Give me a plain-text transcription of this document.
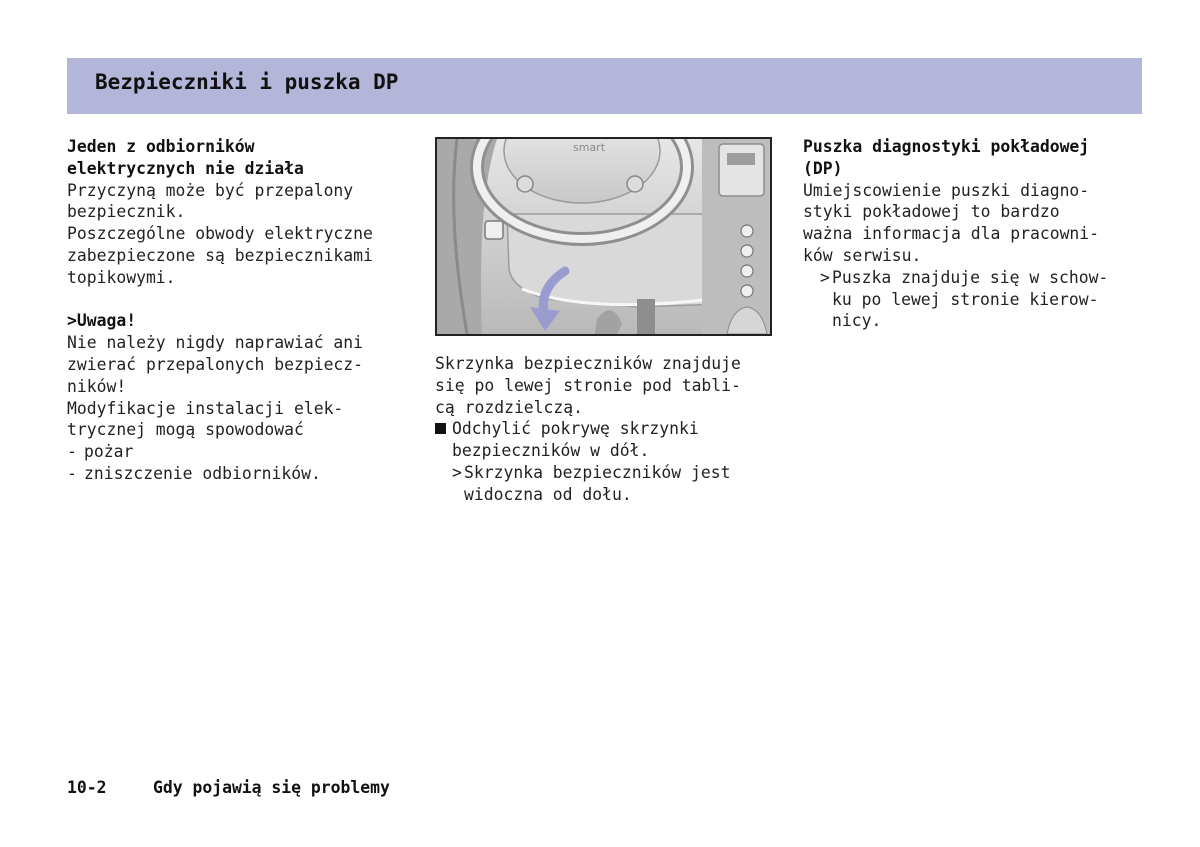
Bezpieczniki i puszka DP

Jeden z odbiorników

elektrycznych nie działa

Przyczyną może być przepalony

bezpiecznik.

Poszczególne obwody elektryczne

zabezpieczone są bezpiecznikami

topikowymi.

>Uwaga!

Nie należy nigdy naprawiać ani

zwierać przepalonych bezpiecz-

ników!

Modyfikacje instalacji elek-

trycznej mogą spowodować

- pożar
- zniszczenie odbiorników.
smart

Skrzynka bezpieczników znajduje

się po lewej stronie pod tabli-

cą rozdzielczą.

Odchylić pokrywę skrzynki

bezpieczników w dół.

> Skrzynka bezpieczników jest

widoczna od dołu.

Puszka diagnostyki pokładowej

(DP)

Umiejscowienie puszki diagno-

styki pokładowej to bardzo

ważna informacja dla pracowni-

ków serwisu.

> Puszka znajduje się w schow-

ku po lewej stronie kierow-

nicy.

10-2	Gdy pojawią się problemy
